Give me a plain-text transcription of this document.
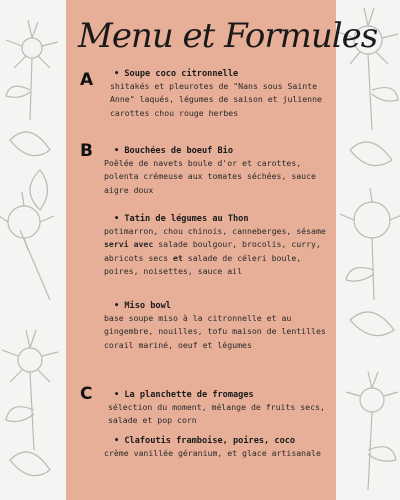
Menu et Formules
A
B
C
• Soupe coco citronnelle
shitakés et pleurotes de "Nans sous Sainte Anne" laqués, légumes de saison et julienne carottes chou rouge herbes
• Bouchées de boeuf Bio
Poêlée de navets boule d'or et carottes, polenta crémeuse aux tomates séchées, sauce aigre doux
• Tatin de légumes au Thon
potimarron, chou chinois, canneberges, sésame servi avec salade boulgour, brocolis, curry, abricots secs et salade de céleri boule, poires, noisettes, sauce ail
• Miso bowl
base soupe miso à la citronnelle et au gingembre, nouilles, tofu maison de lentilles corail mariné, oeuf et légumes
• La planchette de fromages
sélection du moment, mélange de fruits secs, salade et pop corn
• Clafoutis framboise, poires, coco
crème vanillée géranium, et glace artisanale
